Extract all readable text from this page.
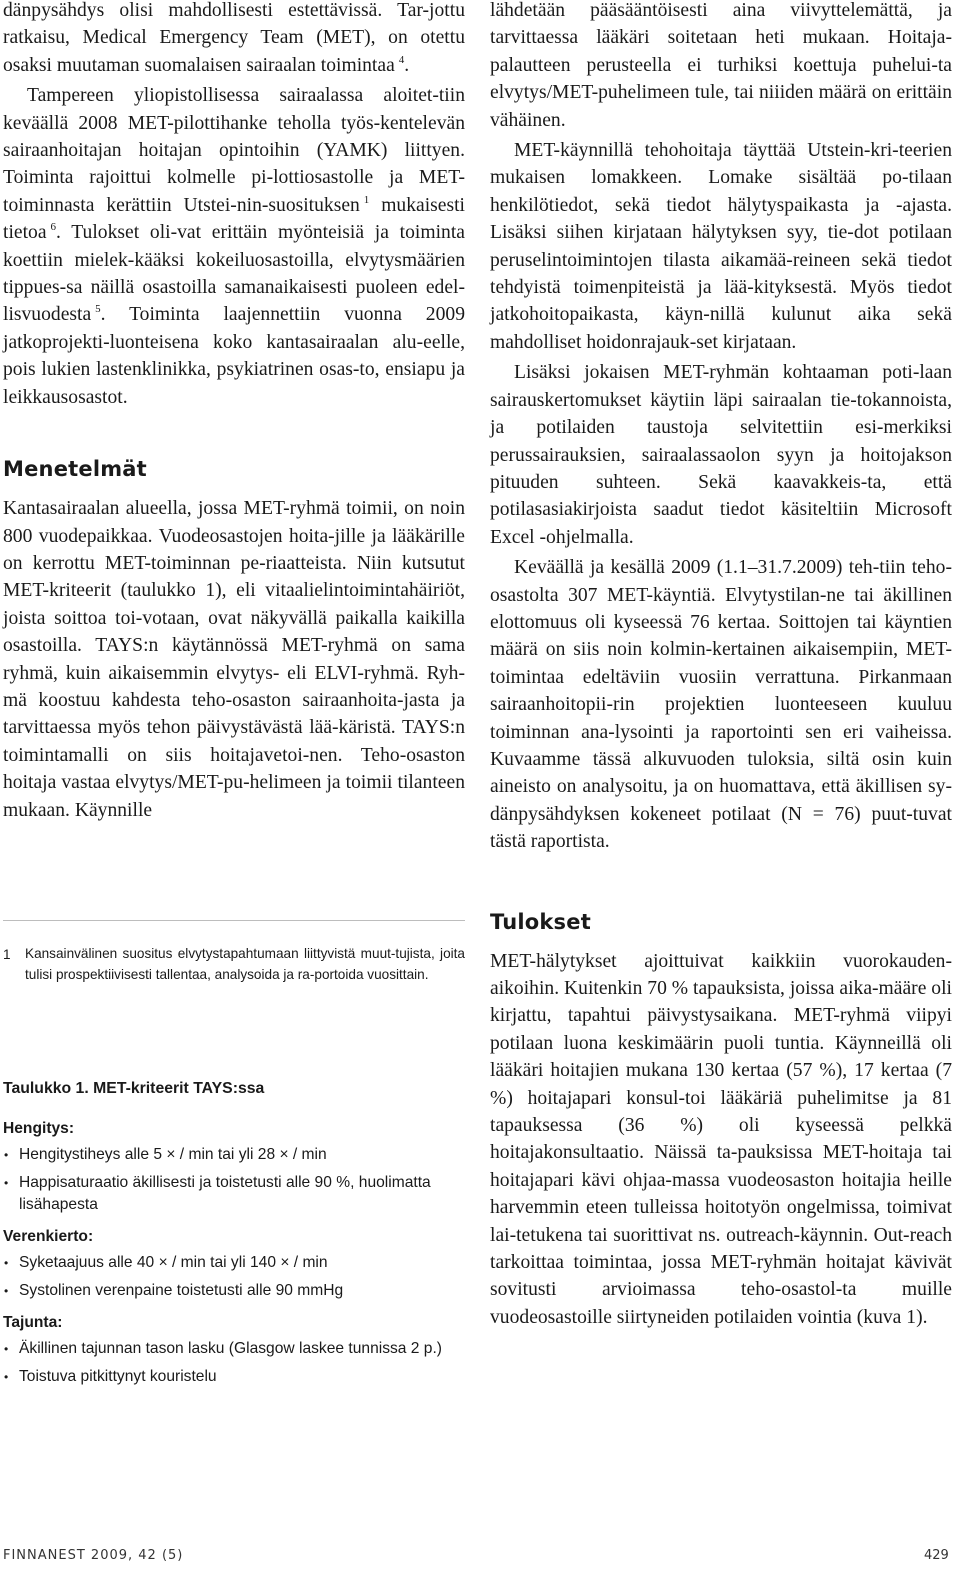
dänpysähdys olisi mahdollisesti estettävissä. Tar-jottu ratkaisu, Medical Emergency Team (MET), on otettu osaksi muutaman suomalaisen sairaalan toimintaa  $^4$.

Tampereen yliopistollisessa sairaalassa aloitet-tiin keväällä 2008 MET-pilottihanke teholla työs-kentelevän sairaanhoitajan hoitajan opintoihin (YAMK) liittyen. Toiminta rajoittui kolmelle pi-lottiosastolle ja MET-toiminnasta kerättiin Utstei-nin-suosituksen  $^1$ mukaisesti tietoa  $^6$. Tulokset oli-vat erittäin myönteisiä ja toiminta koettiin mielek-kääksi kokeiluosastoilla, elvytysmäärien tippues-sa näillä osastoilla samanaikaisesti puoleen edel-lisvuodesta  $^5$. Toiminta laajennettiin vuonna 2009 jatkoprojekti-luonteisena koko kantasairaalan alu-eelle, pois lukien lastenklinikka, psykiatrinen osas-to, ensiapu ja leikkausosastot.

Menetelmät

Kantasairaalan alueella, jossa MET-ryhmä toimii, on noin 800 vuodepaikkaa. Vuodeosastojen hoita-jille ja lääkärille on kerrottu MET-toiminnan pe-riaatteista. Niin kutsutut MET-kriteerit (taulukko 1), eli vitaalielintoimintahäiriöt, joista soittoa toi-votaan, ovat näkyvällä paikalla kaikilla osastoilla. TAYS:n käytännössä MET-ryhmä on sama ryhmä, kuin aikaisemmin elvytys- eli ELVI-ryhmä. Ryh-mä koostuu kahdesta teho-osaston sairaanhoita-jasta ja tarvittaessa myös tehon päivystävästä lää-käristä. TAYS:n toimintamalli on siis hoitajavetoi-nen. Teho-osaston hoitaja vastaa elvytys/MET-pu-helimeen ja toimii tilanteen mukaan. Käynnille

1 Kansainvälinen suositus elvytystapahtumaan liittyvistä muut-tujista, joita tulisi prospektiivisesti tallentaa, analysoida ja ra-portoida vuosittain.

Taulukko 1. MET-kriteerit TAYS:ssa

Hengitys:

• Hengitystiheys alle 5 × / min tai yli 28 × / min
• Happisaturaatio äkillisesti ja toistetusti alle 90 %, huolimatta lisähapesta

Verenkierto:

• Syketaajuus alle 40 × / min tai yli 140 × / min
• Systolinen verenpaine toistetusti alle 90 mmHg

Tajunta:

• Äkillinen tajunnan tason lasku (Glasgow laskee tunnissa 2 p.)
• Toistuva pitkittynyt kouristelu

lähdetään pääsääntöisesti aina viivyttelemättä, ja tarvittaessa lääkäri soitetaan heti mukaan. Hoitaja-palautteen perusteella ei turhiksi koettuja puhelui-ta elvytys/MET-puhelimeen tule, tai niiiden määrä on erittäin vähäinen.

MET-käynnillä tehohoitaja täyttää Utstein-kri-teerien mukaisen lomakkeen. Lomake sisältää po-tilaan henkilötiedot, sekä tiedot hälytyspaikasta ja -ajasta. Lisäksi siihen kirjataan hälytyksen syy, tie-dot potilaan peruselintoimintojen tilasta aikamää-reineen sekä tiedot tehdyistä toimenpiteistä ja lää-kityksestä. Myös tiedot jatkohoitopaikasta, käyn-nillä kulunut aika sekä mahdolliset hoidonrajauk-set kirjataan.

Lisäksi jokaisen MET-ryhmän kohtaaman poti-laan sairauskertomukset käytiin läpi sairaalan tie-tokannoista, ja potilaiden taustoja selvitettiin esi-merkiksi perussairauksien, sairaalassaolon syyn ja hoitojakson pituuden suhteen. Sekä kaavakkeis-ta, että potilasasiakirjoista saadut tiedot käsiteltiin Microsoft Excel -ohjelmalla.

Keväällä ja kesällä 2009 (1.1–31.7.2009) teh-tiin teho-osastolta 307 MET-käyntiä. Elvytystilan-ne tai äkillinen elottomuus oli kyseessä 76 kertaa. Soittojen tai käyntien määrä on siis noin kolmin-kertainen aikaisempiin, MET-toimintaa edeltäviin vuosiin verrattuna. Pirkanmaan sairaanhoitopii-rin projektien luonteeseen kuuluu toiminnan ana-lysointi ja raportointi sen eri vaiheissa. Kuvaamme tässä alkuvuoden tuloksia, siltä osin kuin aineisto on analysoitu, ja on huomattava, että äkillisen sy-dänpysähdyksen kokeneet potilaat (N = 76) puut-tuvat tästä raportista.

Tulokset

MET-hälytykset ajoittuivat kaikkiin vuorokauden-aikoihin. Kuitenkin 70 % tapauksista, joissa aika-määre oli kirjattu, tapahtui päivystysaikana. MET-ryhmä viipyi potilaan luona keskimäärin puoli tuntia. Käynneillä oli lääkäri hoitajien mukana 130 kertaa (57 %), 17 kertaa (7 %) hoitajapari konsul-toi lääkäriä puhelimitse ja 81 tapauksessa (36 %) oli kyseessä pelkkä hoitajakonsultaatio. Näissä ta-pauksissa MET-hoitaja tai hoitajapari kävi ohjaa-massa vuodeosaston hoitajia heille harvemmin eteen tulleissa hoitotyön ongelmissa, toimivat lai-tetukena tai suorittivat ns. outreach-käynnin. Out-reach tarkoittaa toimintaa, jossa MET-ryhmän hoitajat kävivät sovitusti arvioimassa teho-osastol-ta muille vuodeosastoille siirtyneiden potilaiden vointia (kuva 1).

FINNANEST 2009, 42 (5)	429
